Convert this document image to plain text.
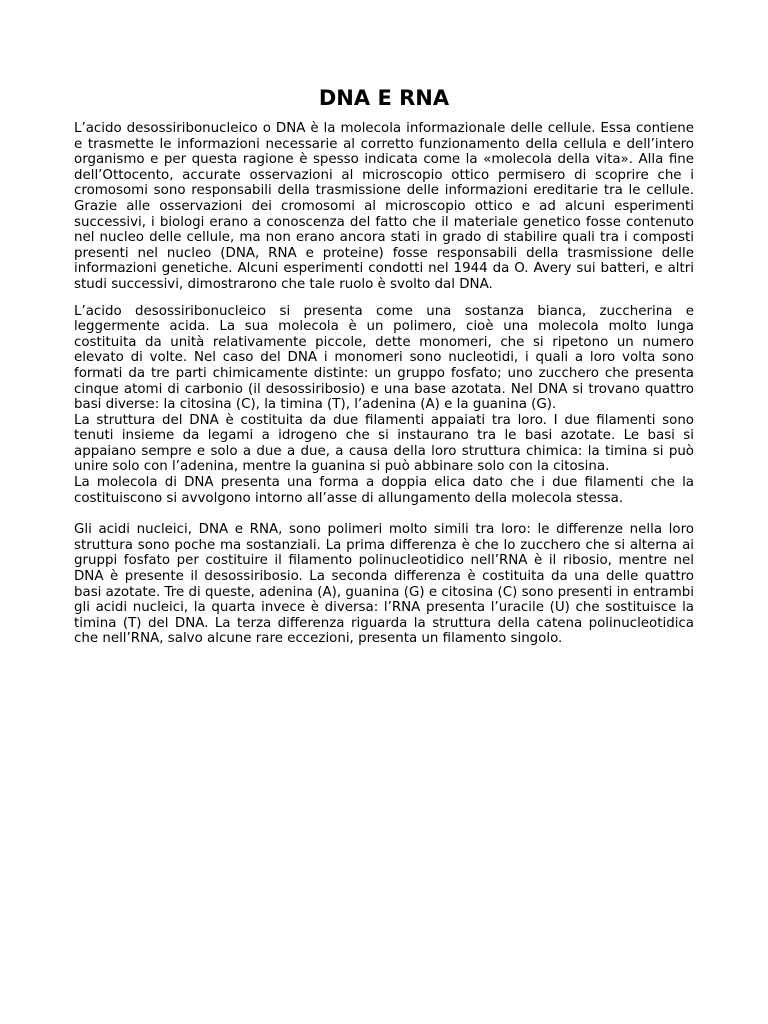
DNA E RNA

L’acido desossiribonucleico o DNA è la molecola informazionale delle cellule. Essa contiene e trasmette le informazioni necessarie al corretto funzionamento della cellula e dell’intero organismo e per questa ragione è spesso indicata come la «molecola della vita». Alla fine dell’Ottocento, accurate osservazioni al microscopio ottico permisero di scoprire che i cromosomi sono responsabili della trasmissione delle informazioni ereditarie tra le cellule. Grazie alle osservazioni dei cromosomi al microscopio ottico e ad alcuni esperimenti successivi, i biologi erano a conoscenza del fatto che il materiale genetico fosse contenuto nel nucleo delle cellule, ma non erano ancora stati in grado di stabilire quali tra i composti presenti nel nucleo (DNA, RNA e proteine) fosse responsabili della trasmissione delle informazioni genetiche. Alcuni esperimenti condotti nel 1944 da O. Avery sui batteri, e altri studi successivi, dimostrarono che tale ruolo è svolto dal DNA.

L’acido desossiribonucleico si presenta come una sostanza bianca, zuccherina e leggermente acida. La sua molecola è un polimero, cioè una molecola molto lunga costituita da unità relativamente piccole, dette monomeri, che si ripetono un numero elevato di volte. Nel caso del DNA i monomeri sono nucleotidi, i quali a loro volta sono formati da tre parti chimicamente distinte: un gruppo fosfato; uno zucchero che presenta cinque atomi di carbonio (il desossiribosio) e una base azotata. Nel DNA si trovano quattro basi diverse: la citosina (C), la timina (T), l’adenina (A) e la guanina (G).

La struttura del DNA è costituita da due filamenti appaiati tra loro. I due filamenti sono tenuti insieme da legami a idrogeno che si instaurano tra le basi azotate. Le basi si appaiano sempre e solo a due a due, a causa della loro struttura chimica: la timina si può unire solo con l’adenina, mentre la guanina si può abbinare solo con la citosina.

La molecola di DNA presenta una forma a doppia elica dato che i due filamenti che la costituiscono si avvolgono intorno all’asse di allungamento della molecola stessa.

Gli acidi nucleici, DNA e RNA, sono polimeri molto simili tra loro: le differenze nella loro struttura sono poche ma sostanziali. La prima differenza è che lo zucchero che si alterna ai gruppi fosfato per costituire il filamento polinucleotidico nell’RNA è il ribosio, mentre nel DNA è presente il desossiribosio. La seconda differenza è costituita da una delle quattro basi azotate. Tre di queste, adenina (A), guanina (G) e citosina (C) sono presenti in entrambi gli acidi nucleici, la quarta invece è diversa: l’RNA presenta l’uracile (U) che sostituisce la timina (T) del DNA. La terza differenza riguarda la struttura della catena polinucleotidica che nell’RNA, salvo alcune rare eccezioni, presenta un filamento singolo.
